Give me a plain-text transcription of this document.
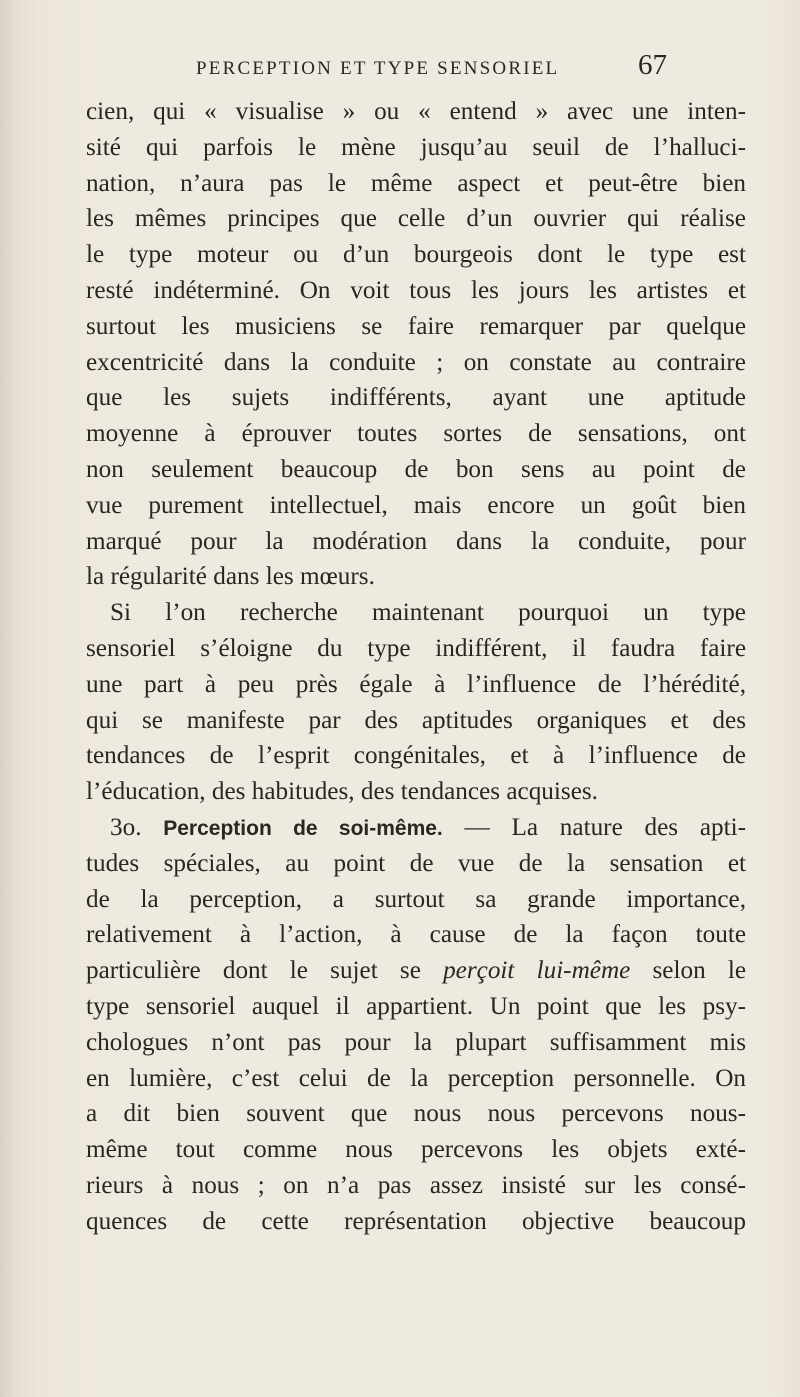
PERCEPTION ET TYPE SENSORIEL	67
cien, qui « visualise » ou « entend » avec une inten-
sité qui parfois le mène jusqu’au seuil de l’halluci-
nation, n’aura pas le même aspect et peut-être bien
les mêmes principes que celle d’un ouvrier qui réalise
le type moteur ou d’un bourgeois dont le type est
resté indéterminé. On voit tous les jours les artistes et
surtout les musiciens se faire remarquer par quelque
excentricité dans la conduite ; on constate au contraire
que les sujets indifférents, ayant une aptitude
moyenne à éprouver toutes sortes de sensations, ont
non seulement beaucoup de bon sens au point de
vue purement intellectuel, mais encore un goût bien
marqué pour la modération dans la conduite, pour
la régularité dans les mœurs.
Si l’on recherche maintenant pourquoi un type
sensoriel s’éloigne du type indifférent, il faudra faire
une part à peu près égale à l’influence de l’hérédité,
qui se manifeste par des aptitudes organiques et des
tendances de l’esprit congénitales, et à l’influence de
l’éducation, des habitudes, des tendances acquises.
3o. Perception de soi-même. — La nature des apti-
tudes spéciales, au point de vue de la sensation et
de la perception, a surtout sa grande importance,
relativement à l’action, à cause de la façon toute
particulière dont le sujet se perçoit lui-même selon le
type sensoriel auquel il appartient. Un point que les psy-
chologues n’ont pas pour la plupart suffisamment mis
en lumière, c’est celui de la perception personnelle. On
a dit bien souvent que nous nous percevons nous-
même tout comme nous percevons les objets exté-
rieurs à nous ; on n’a pas assez insisté sur les consé-
quences de cette représentation objective beaucoup
